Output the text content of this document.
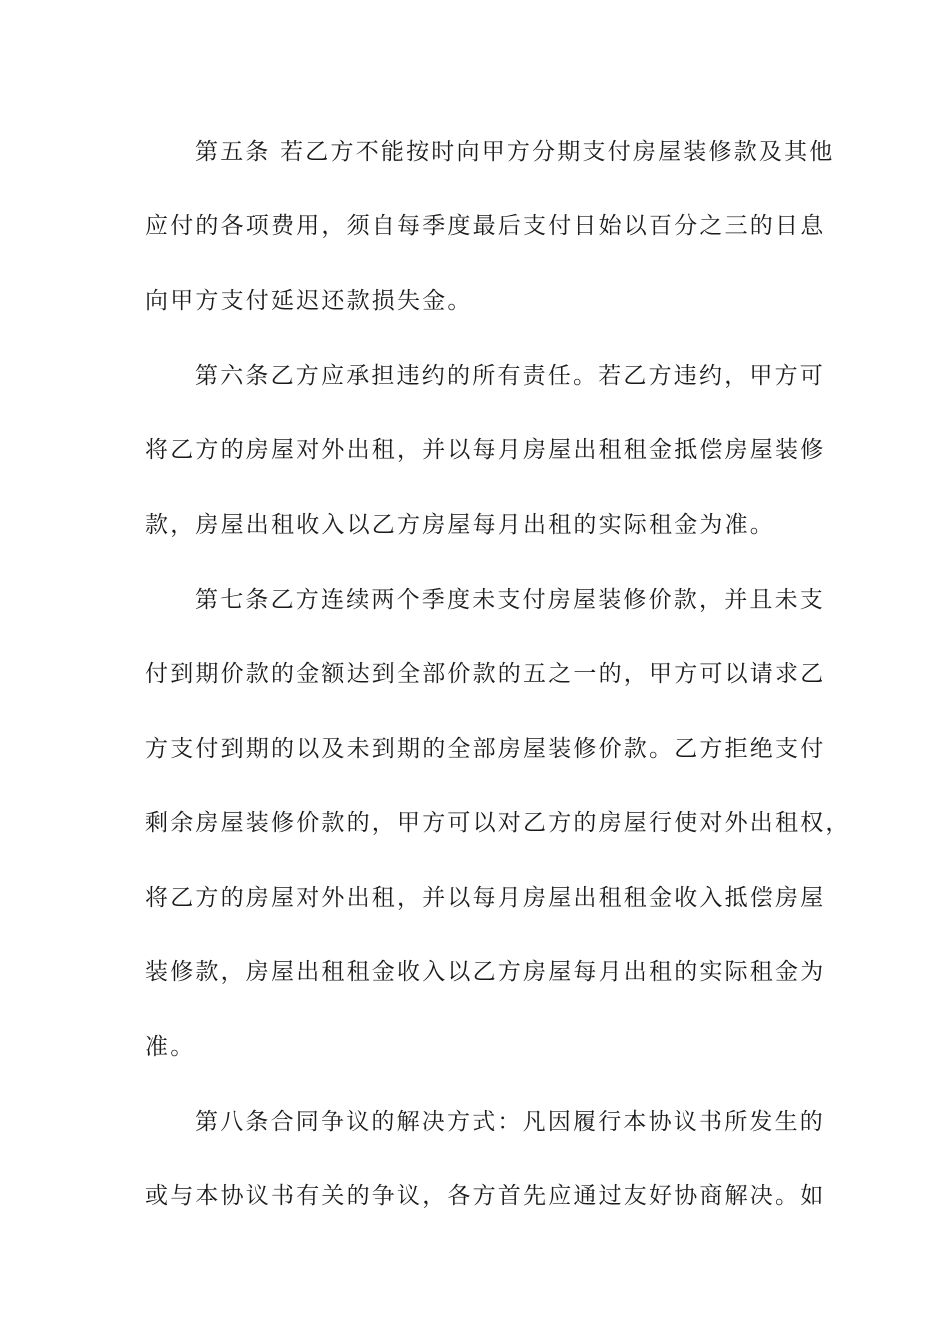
第五条 若乙方不能按时向甲方分期支付房屋装修款及其他
应付的各项费用，须自每季度最后支付日始以百分之三的日息
向甲方支付延迟还款损失金。
第六条乙方应承担违约的所有责任。若乙方违约，甲方可
将乙方的房屋对外出租，并以每月房屋出租租金抵偿房屋装修
款，房屋出租收入以乙方房屋每月出租的实际租金为准。
第七条乙方连续两个季度未支付房屋装修价款，并且未支
付到期价款的金额达到全部价款的五之一的，甲方可以请求乙
方支付到期的以及未到期的全部房屋装修价款。乙方拒绝支付
剩余房屋装修价款的，甲方可以对乙方的房屋行使对外出租权，
将乙方的房屋对外出租，并以每月房屋出租租金收入抵偿房屋
装修款，房屋出租租金收入以乙方房屋每月出租的实际租金为
准。
第八条合同争议的解决方式：凡因履行本协议书所发生的
或与本协议书有关的争议，各方首先应通过友好协商解决。如
